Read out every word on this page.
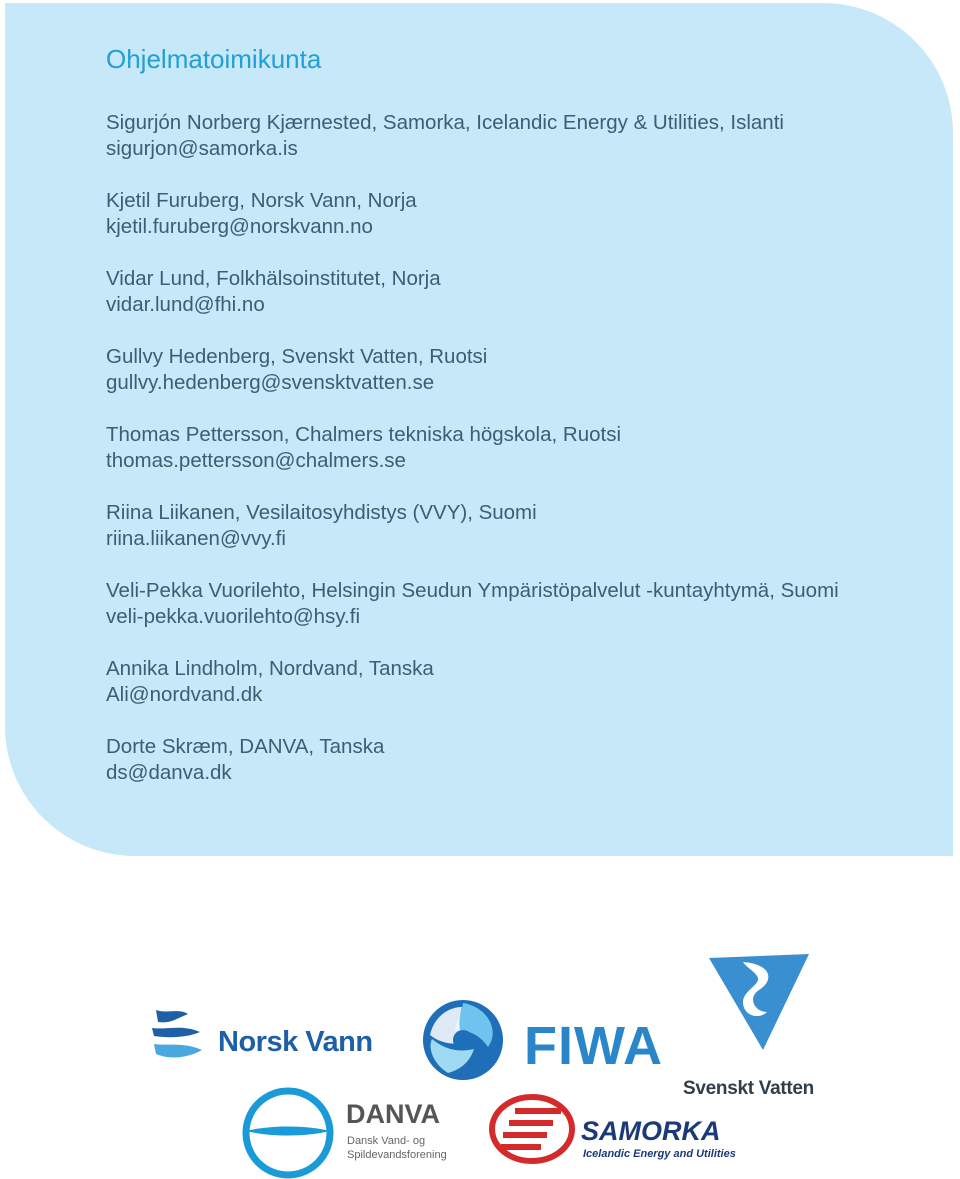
Ohjelmatoimikunta

Sigurjón Norberg Kjærnested, Samorka, Icelandic Energy & Utilities, Islanti
sigurjon@samorka.is

Kjetil Furuberg, Norsk Vann, Norja
kjetil.furuberg@norskvann.no

Vidar Lund, Folkhälsoinstitutet, Norja
vidar.lund@fhi.no

Gullvy Hedenberg, Svenskt Vatten, Ruotsi
gullvy.hedenberg@svensktvatten.se

Thomas Pettersson, Chalmers tekniska högskola, Ruotsi
thomas.pettersson@chalmers.se

Riina Liikanen, Vesilaitosyhdistys (VVY), Suomi
riina.liikanen@vvy.fi

Veli-Pekka Vuorilehto, Helsingin Seudun Ympäristöpalvelut -kuntayhtymä, Suomi
veli-pekka.vuorilehto@hsy.fi

Annika Lindholm, Nordvand, Tanska
Ali@nordvand.dk

Dorte Skræm, DANVA, Tanska
ds@danva.dk

Norsk Vann	FIWA
Svenskt Vatten
DANVA
Dansk Vand- og
Spildevandsforening
SAMORKA
Icelandic Energy and Utilities
